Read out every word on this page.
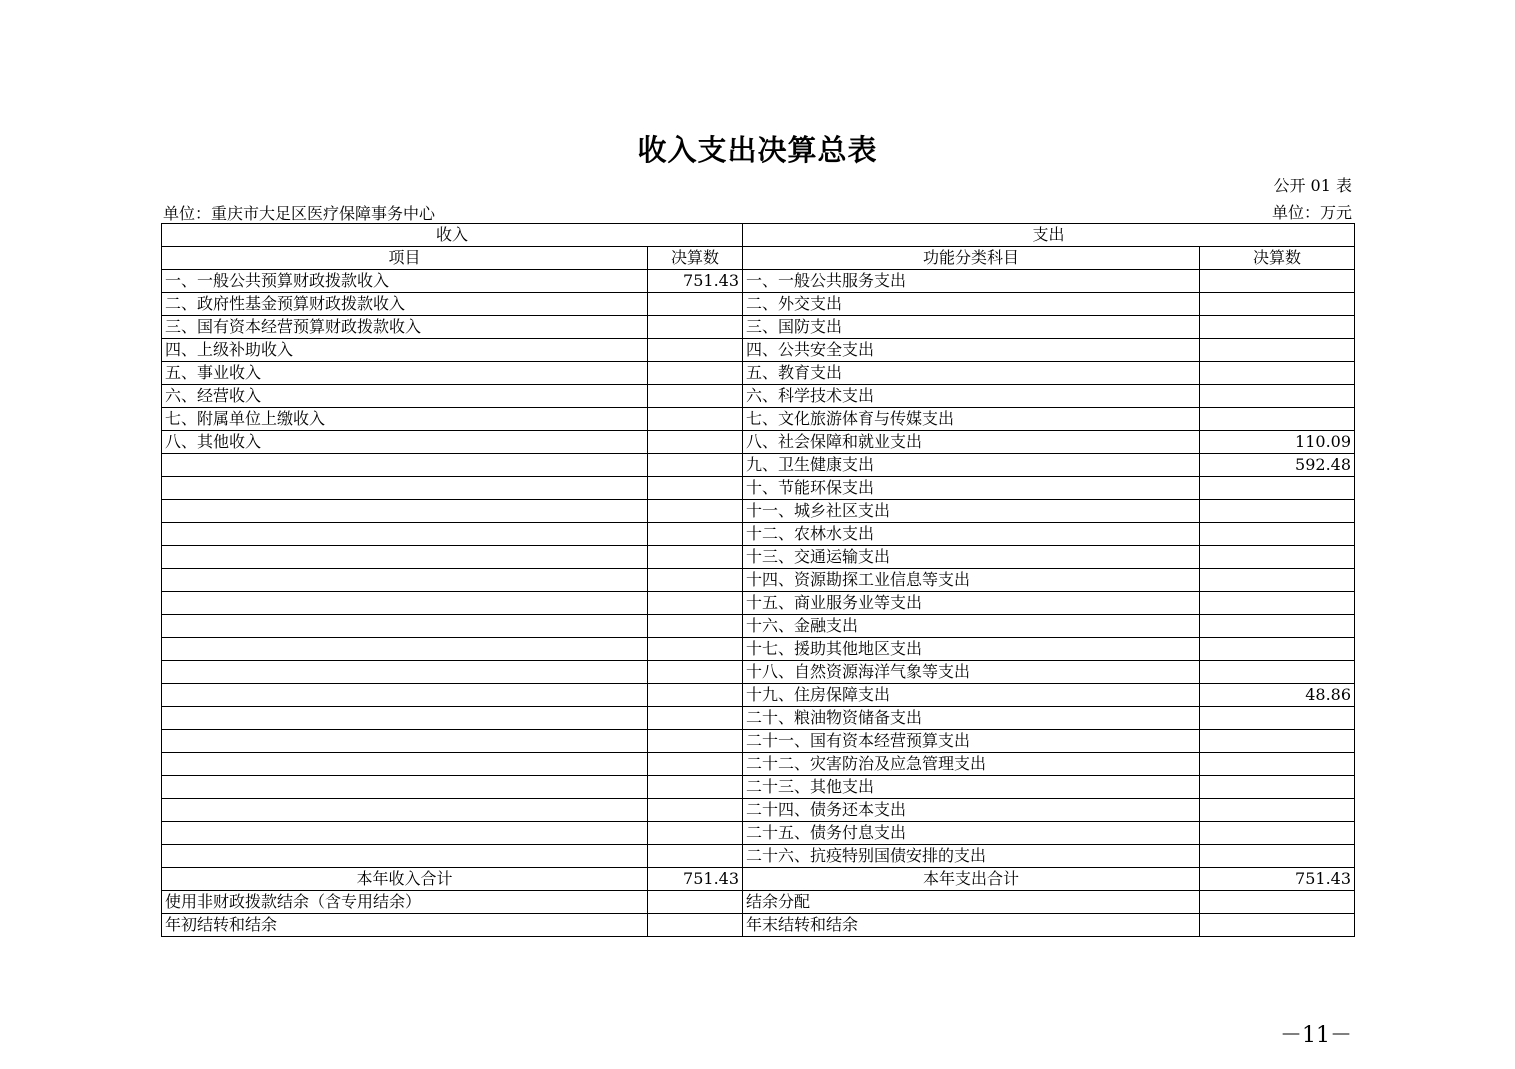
收入支出决算总表
公开 01 表
单位：重庆市大足区医疗保障事务中心	单位：万元
收入		支出	
项目	决算数	功能分类科目	决算数
一、一般公共预算财政拨款收入	751.43	一、一般公共服务支出	
二、政府性基金预算财政拨款收入		二、外交支出	
三、国有资本经营预算财政拨款收入		三、国防支出	
四、上级补助收入		四、公共安全支出	
五、事业收入		五、教育支出	
六、经营收入		六、科学技术支出	
七、附属单位上缴收入		七、文化旅游体育与传媒支出	
八、其他收入		八、社会保障和就业支出	110.09
		九、卫生健康支出	592.48
		十、节能环保支出	
		十一、城乡社区支出	
		十二、农林水支出	
		十三、交通运输支出	
		十四、资源勘探工业信息等支出	
		十五、商业服务业等支出	
		十六、金融支出	
		十七、援助其他地区支出	
		十八、自然资源海洋气象等支出	
		十九、住房保障支出	48.86
		二十、粮油物资储备支出	
		二十一、国有资本经营预算支出	
		二十二、灾害防治及应急管理支出	
		二十三、其他支出	
		二十四、债务还本支出	
		二十五、债务付息支出	
		二十六、抗疫特别国债安排的支出	
本年收入合计	751.43	本年支出合计	751.43
使用非财政拨款结余（含专用结余）		结余分配	
年初结转和结余		年末结转和结余	
－11－
